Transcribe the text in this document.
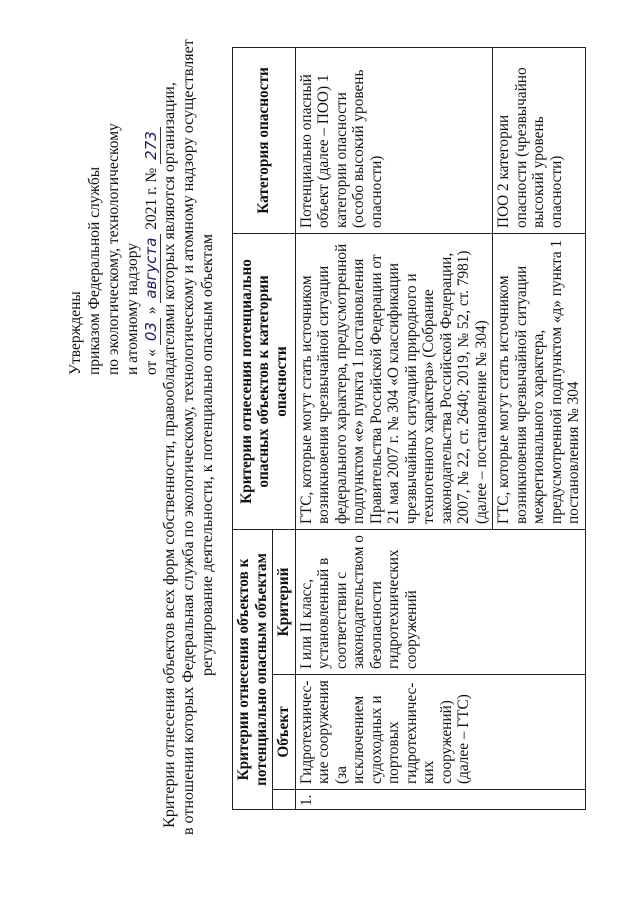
Утверждены приказом Федеральной службы по экологическому, технологическому и атомному надзору от « 03 » августа 2021 г. № 273 Критерии отнесения объектов всех форм собственности, правообладателями которых являются организации, в отношении которых Федеральная служба по экологическому, технологическому и атомному надзору осуществляет регулирование деятельности, к потенциально опасным объектам Критерии отнесения объектов к потенциально опасным объектам			Критерии отнесения потенциально опасных объектов к категории опасности	Категория опасности
	Объект	Критерий		
1.	Гидротехничес-кие сооружения (за исключением судоходных и портовых гидротехничес-ких сооружений) (далее – ГТС)	I или II класс, установленный в соответствии с законодательством о безопасности гидротехнических сооружений	ГТС, которые могут стать источником возникновения чрезвычайной ситуации федерального характера, предусмотренной подпунктом «е» пункта 1 постановления Правительства Российской Федерации от 21 мая 2007 г. № 304 «О классификации чрезвычайных ситуаций природного и техногенного характера» (Собрание законодательства Российской Федерации, 2007, № 22, ст. 2640; 2019, № 52, ст. 7981) (далее – постановление № 304)	Потенциально опасный объект (далее – ПОО) 1 категории опасности (особо высокий уровень опасности)
			ГТС, которые могут стать источником возникновения чрезвычайной ситуации межрегионального характера, предусмотренной подпунктом «д» пункта 1 постановления № 304	ПОО 2 категории опасности (чрезвычайно высокий уровень опасности)
